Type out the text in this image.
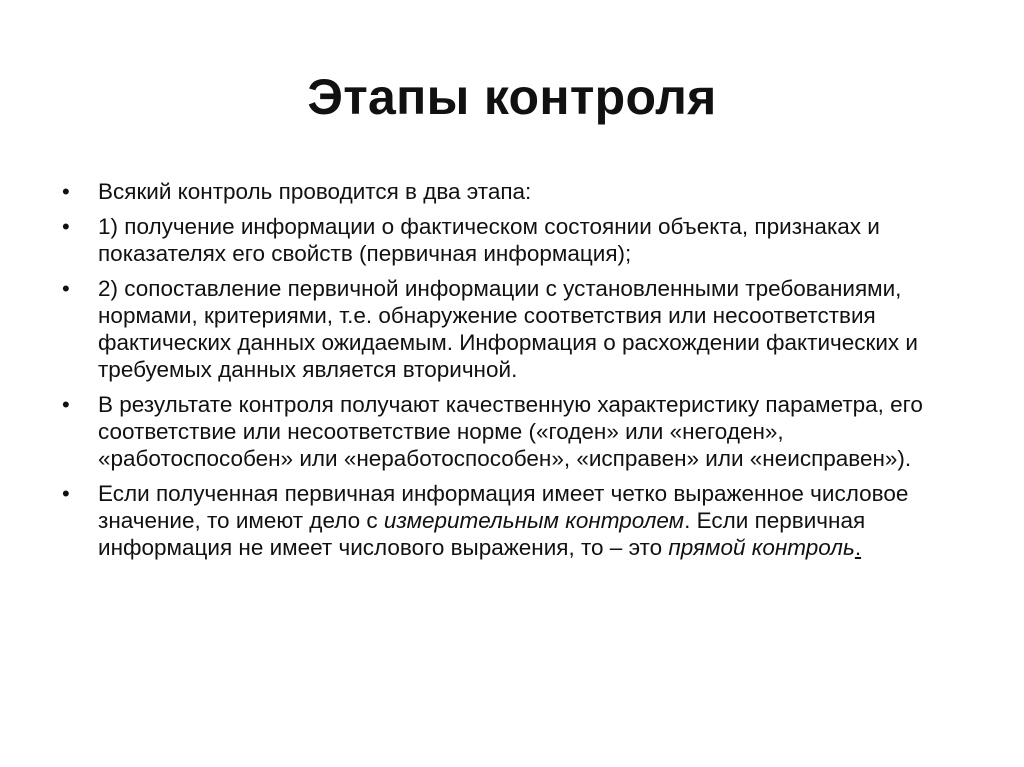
Этапы контроля
• Всякий контроль проводится в два этапа:
• 1) получение информации о фактическом состоянии объекта, признаках и показателях его свойств (первичная информация);
• 2) сопоставление первичной информации с установленными требованиями, нормами, критериями, т.е. обнаружение соответствия или несоответствия фактических данных ожидаемым. Информация о расхождении фактических и требуемых данных является вторичной.
• В результате контроля получают качественную характеристику параметра, его соответствие или несоответствие норме («годен» или «негоден», «работоспособен» или «неработоспособен», «исправен» или «неисправен»).
• Если полученная первичная информация имеет четко выраженное числовое значение, то имеют дело с измерительным контролем. Если первичная информация не имеет числового выражения, то – это прямой контроль.
